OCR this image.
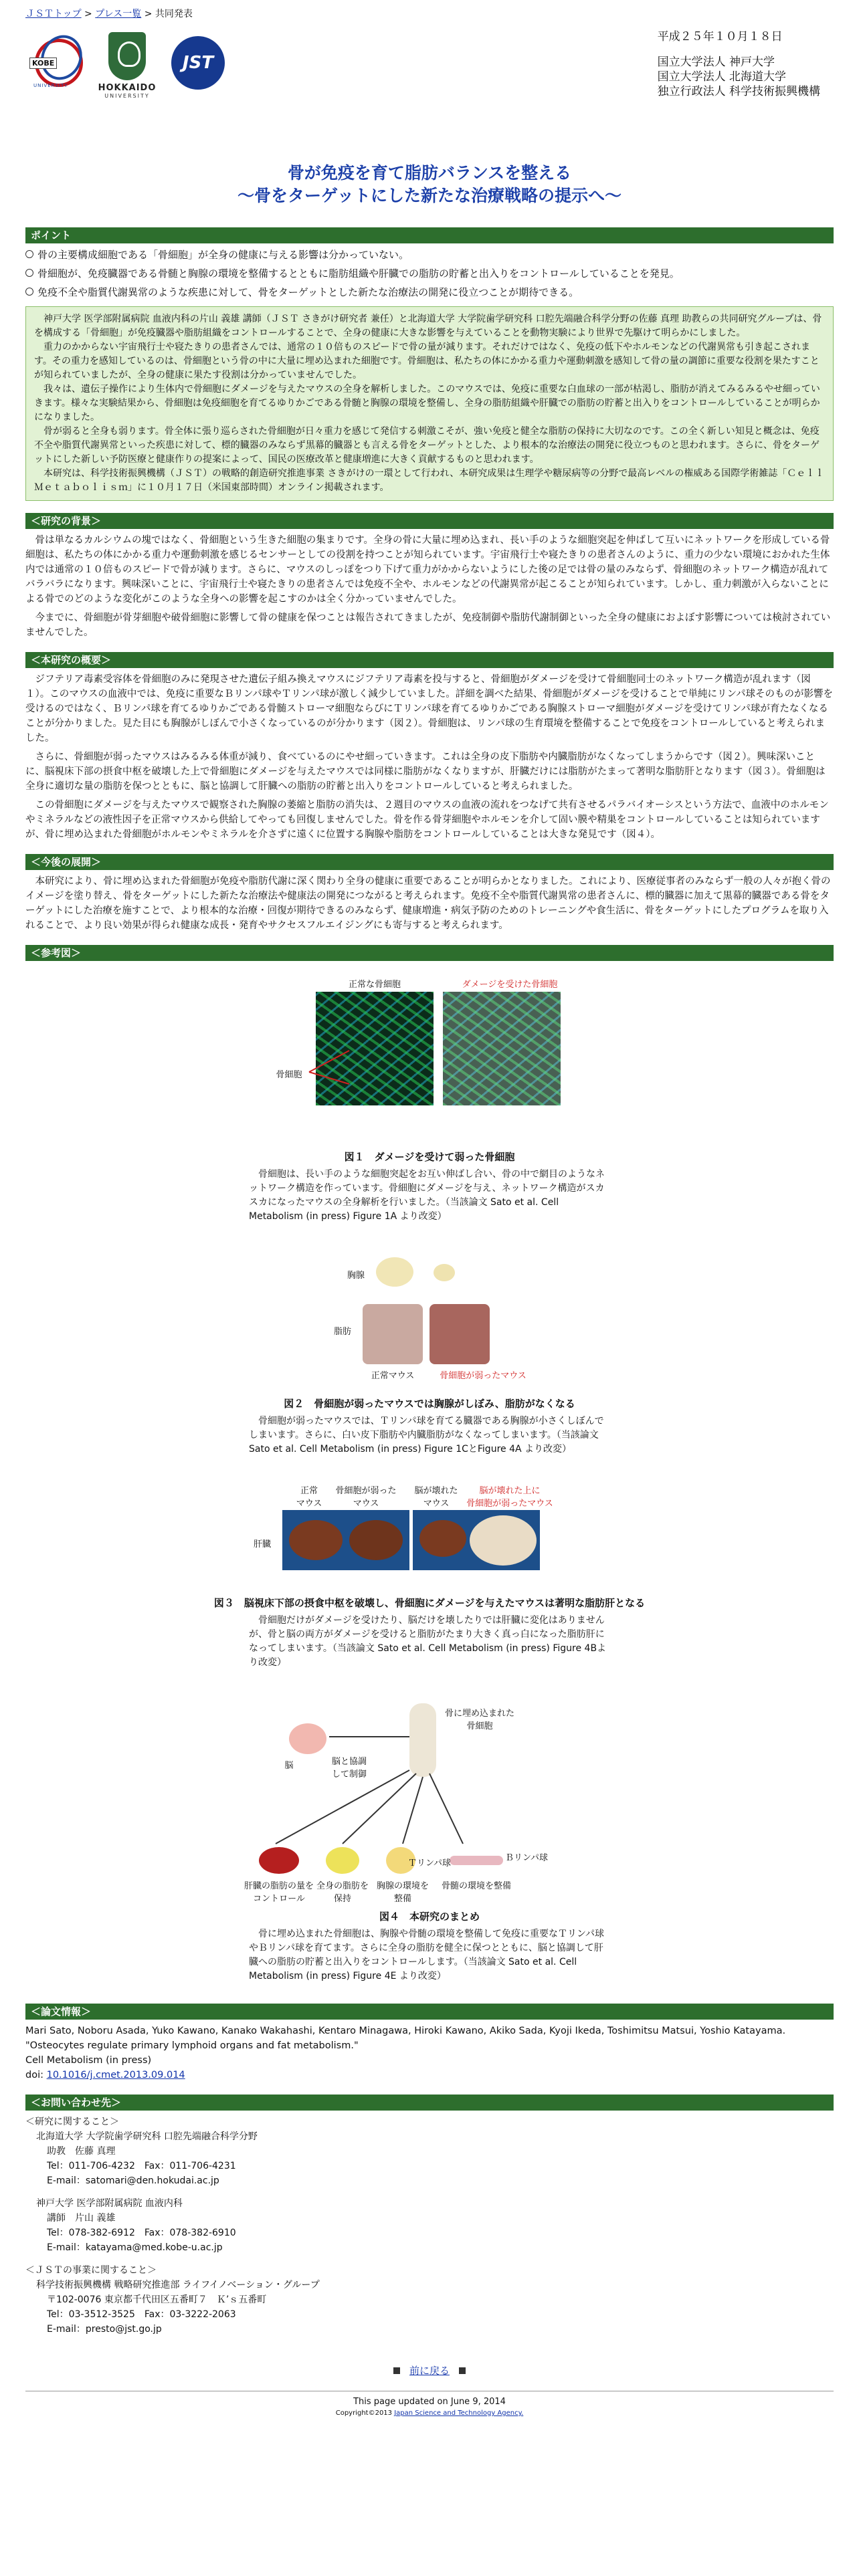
ＪＳＴトップ > プレス一覧 > 共同発表
KOBE
UNIVERSITY	HOKKAIDO
UNIVERSITY
JST
平成２５年１０月１８日
国立大学法人 神戸大学
国立大学法人 北海道大学
独立行政法人 科学技術振興機構
骨が免疫を育て脂肪バランスを整える
～骨をターゲットにした新たな治療戦略の提示へ～
ポイント
骨の主要構成細胞である「骨細胞」が全身の健康に与える影響は分かっていない。
骨細胞が、免疫臓器である骨髄と胸腺の環境を整備するとともに脂肪組織や肝臓での脂肪の貯蓄と出入りをコントロールしていることを発見。
免疫不全や脂質代謝異常のような疾患に対して、骨をターゲットとした新たな治療法の開発に役立つことが期待できる。

神戸大学 医学部附属病院 血液内科の片山 義雄 講師（ＪＳＴ さきがけ研究者 兼任）と北海道大学 大学院歯学研究科 口腔先端融合科学分野の佐藤 真理 助教らの共同研究グループは、骨を構成する「骨細胞」が免疫臓器や脂肪組織をコントロールすることで、全身の健康に大きな影響を与えていることを動物実験により世界で先駆けて明らかにしました。

重力のかからない宇宙飛行士や寝たきりの患者さんでは、通常の１０倍ものスピードで骨の量が減ります。それだけではなく、免疫の低下やホルモンなどの代謝異常も引き起こされます。その重力を感知しているのは、骨細胞という骨の中に大量に埋め込まれた細胞です。骨細胞は、私たちの体にかかる重力や運動刺激を感知して骨の量の調節に重要な役割を果たすことが知られていましたが、全身の健康に果たす役割は分かっていませんでした。

我々は、遺伝子操作により生体内で骨細胞にダメージを与えたマウスの全身を解析しました。このマウスでは、免疫に重要な白血球の一部が枯渇し、脂肪が消えてみるみるやせ細っていきます。様々な実験結果から、骨細胞は免疫細胞を育てるゆりかごである骨髄と胸腺の環境を整備し、全身の脂肪組織や肝臓での脂肪の貯蓄と出入りをコントロールしていることが明らかになりました。

骨が弱ると全身も弱ります。骨全体に張り巡らされた骨細胞が日々重力を感じて発信する刺激こそが、強い免疫と健全な脂肪の保持に大切なのです。この全く新しい知見と概念は、免疫不全や脂質代謝異常といった疾患に対して、標的臓器のみならず黒幕的臓器とも言える骨をターゲットとした、より根本的な治療法の開発に役立つものと思われます。さらに、骨をターゲットにした新しい予防医療と健康作りの提案によって、国民の医療改革と健康増進に大きく貢献するものと思われます。

本研究は、科学技術振興機構（ＪＳＴ）の戦略的創造研究推進事業 さきがけの一環として行われ、本研究成果は生理学や糖尿病等の分野で最高レベルの権威ある国際学術雑誌「Ｃｅｌｌ Ｍｅｔａｂｏｌｉｓｍ」に１０月１７日（米国東部時間）オンライン掲載されます。

＜研究の背景＞

骨は単なるカルシウムの塊ではなく、骨細胞という生きた細胞の集まりです。全身の骨に大量に埋め込まれ、長い手のような細胞突起を伸ばして互いにネットワークを形成している骨細胞は、私たちの体にかかる重力や運動刺激を感じるセンサーとしての役割を持つことが知られています。宇宙飛行士や寝たきりの患者さんのように、重力の少ない環境におかれた生体内では通常の１０倍ものスピードで骨が減ります。さらに、マウスのしっぽをつり下げて重力がかからないようにした後の足では骨の量のみならず、骨細胞のネットワーク構造が乱れてバラバラになります。興味深いことに、宇宙飛行士や寝たきりの患者さんでは免疫不全や、ホルモンなどの代謝異常が起こることが知られています。しかし、重力刺激が入らないことによる骨でのどのような変化がこのような全身への影響を起こすのかは全く分かっていませんでした。

今までに、骨細胞が骨芽細胞や破骨細胞に影響して骨の健康を保つことは報告されてきましたが、免疫制御や脂肪代謝制御といった全身の健康におよぼす影響については検討されていませんでした。

＜本研究の概要＞

ジフテリア毒素受容体を骨細胞のみに発現させた遺伝子組み換えマウスにジフテリア毒素を投与すると、骨細胞がダメージを受けて骨細胞同士のネットワーク構造が乱れます（図１）。このマウスの血液中では、免疫に重要なＢリンパ球やＴリンパ球が激しく減少していました。詳細を調べた結果、骨細胞がダメージを受けることで単純にリンパ球そのものが影響を受けるのではなく、Ｂリンパ球を育てるゆりかごである骨髄ストローマ細胞ならびにＴリンパ球を育てるゆりかごである胸腺ストローマ細胞がダメージを受けてリンパ球が育たなくなることが分かりました。見た目にも胸腺がしぼんで小さくなっているのが分かります（図２）。骨細胞は、リンパ球の生育環境を整備することで免疫をコントロールしていると考えられました。

さらに、骨細胞が弱ったマウスはみるみる体重が減り、食べているのにやせ細っていきます。これは全身の皮下脂肪や内臓脂肪がなくなってしまうからです（図２）。興味深いことに、脳視床下部の摂食中枢を破壊した上で骨細胞にダメージを与えたマウスでは同様に脂肪がなくなりますが、肝臓だけには脂肪がたまって著明な脂肪肝となります（図３）。骨細胞は全身に適切な量の脂肪を保つとともに、脳と協調して肝臓への脂肪の貯蓄と出入りをコントロールしていると考えられました。

この骨細胞にダメージを与えたマウスで観察された胸腺の萎縮と脂肪の消失は、２週目のマウスの血液の流れをつなげて共有させるパラバイオーシスという方法で、血液中のホルモンやミネラルなどの液性因子を正常マウスから供給してやっても回復しませんでした。骨を作る骨芽細胞やホルモンを介して固い膜や精巣をコントロールしていることは知られていますが、骨に埋め込まれた骨細胞がホルモンやミネラルを介さずに遠くに位置する胸腺や脂肪をコントロールしていることは大きな発見です（図４）。

＜今後の展開＞

本研究により、骨に埋め込まれた骨細胞が免疫や脂肪代謝に深く関わり全身の健康に重要であることが明らかとなりました。これにより、医療従事者のみならず一般の人々が抱く骨のイメージを塗り替え、骨をターゲットにした新たな治療法や健康法の開発につながると考えられます。免疫不全や脂質代謝異常の患者さんに、標的臓器に加えて黒幕的臓器である骨をターゲットにした治療を施すことで、より根本的な治療・回復が期待できるのみならず、健康増進・病気予防のためのトレーニングや食生活に、骨をターゲットにしたプログラムを取り入れることで、より良い効果が得られ健康な成長・発育やサクセスフルエイジングにも寄与すると考えられます。

＜参考図＞
正常な骨細胞	ダメージを受けた骨細胞
骨細胞
図１　ダメージを受けて弱った骨細胞
骨細胞は、長い手のような細胞突起をお互い伸ばし合い、骨の中で網目のようなネットワーク構造を作っています。骨細胞にダメージを与え、ネットワーク構造がスカスカになったマウスの全身解析を行いました。（当該論文 Sato et al. Cell Metabolism (in press) Figure 1A より改変）
胸腺
脂肪
正常マウス	骨細胞が弱ったマウス
図２　骨細胞が弱ったマウスでは胸腺がしぼみ、脂肪がなくなる
骨細胞が弱ったマウスでは、Ｔリンパ球を育てる臓器である胸腺が小さくしぼんでしまいます。さらに、白い皮下脂肪や内臓脂肪がなくなってしまいます。（当該論文 Sato et al. Cell Metabolism (in press) Figure 1CとFigure 4A より改変）
正常
マウス
骨細胞が弱った
マウス
脳が壊れた
マウス
脳が壊れた上に
骨細胞が弱ったマウス
肝臓
図３　脳視床下部の摂食中枢を破壊し、骨細胞にダメージを与えたマウスは著明な脂肪肝となる
骨細胞だけがダメージを受けたり、脳だけを壊したりでは肝臓に変化はありませんが、骨と脳の両方がダメージを受けると脂肪がたまり大きく真っ白になった脂肪肝になってしまいます。（当該論文 Sato et al. Cell Metabolism (in press) Figure 4Bより改変）
骨に埋め込まれた骨細胞
脳	脳と協調して制御
Ｔリンパ球
Ｂリンパ球
肝臓の脂肪の量をコントロール
全身の脂肪を保持
胸腺の環境を整備
骨髄の環境を整備
図４　本研究のまとめ
骨に埋め込まれた骨細胞は、胸腺や骨髄の環境を整備して免疫に重要なＴリンパ球やＢリンパ球を育てます。さらに全身の脂肪を健全に保つとともに、脳と協調して肝臓への脂肪の貯蓄と出入りをコントロールします。（当該論文 Sato et al. Cell Metabolism (in press) Figure 4E より改変）
＜論文情報＞
Mari Sato, Noboru Asada, Yuko Kawano, Kanako Wakahashi, Kentaro Minagawa, Hiroki Kawano, Akiko Sada, Kyoji Ikeda, Toshimitsu Matsui, Yoshio Katayama.
"Osteocytes regulate primary lymphoid organs and fat metabolism."
Cell Metabolism (in press)
doi: 10.1016/j.cmet.2013.09.014
＜お問い合わせ先＞
＜研究に関すること＞
北海道大学 大学院歯学研究科 口腔先端融合科学分野
助教　佐藤 真理
Tel：011-706-4232　Fax：011-706-4231
E-mail：satomari@den.hokudai.ac.jp
神戸大学 医学部附属病院 血液内科
講師　片山 義雄
Tel：078-382-6912　Fax：078-382-6910
E-mail：katayama@med.kobe-u.ac.jp
＜ＪＳＴの事業に関すること＞
科学技術振興機構 戦略研究推進部 ライフイノベーション・グループ
〒102-0076 東京都千代田区五番町７　Ｋ’ｓ五番町
Tel：03-3512-3525　Fax：03-3222-2063
E-mail：presto@jst.go.jp
前に戻る
This page updated on June 9, 2014
Copyright©2013 Japan Science and Technology Agency.
